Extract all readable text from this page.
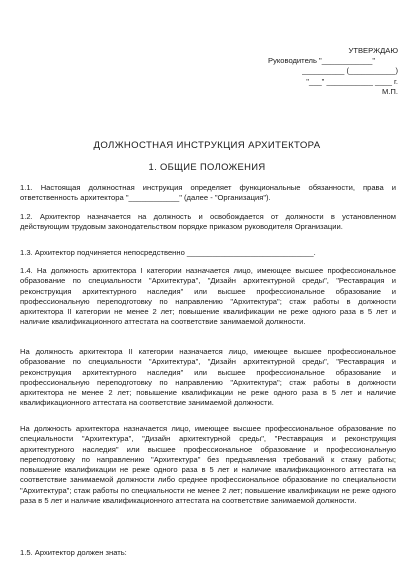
УТВЕРЖДАЮ
Руководитель "____________"
__________ (___________)
"___" ___________ ____ г.
М.П.
ДОЛЖНОСТНАЯ ИНСТРУКЦИЯ АРХИТЕКТОРА
1. ОБЩИЕ ПОЛОЖЕНИЯ

1.1. Настоящая должностная инструкция определяет функциональные обязанности, права и ответственность архитектора "____________" (далее - "Организация").

1.2. Архитектор назначается на должность и освобождается от должности в установленном действующим трудовым законодательством порядке приказом руководителя Организации.

1.3. Архитектор подчиняется непосредственно ______________________________.

1.4. На должность архитектора I категории назначается лицо, имеющее высшее профессиональное образование по специальности "Архитектура", "Дизайн архитектурной среды", "Реставрация и реконструкция архитектурного наследия" или высшее профессиональное образование и профессиональную переподготовку по направлению "Архитектура"; стаж работы в должности архитектора II категории не менее 2 лет; повышение квалификации не реже одного раза в 5 лет и наличие квалификационного аттестата на соответствие занимаемой должности.

На должность архитектора II категории назначается лицо, имеющее высшее профессиональное образование по специальности "Архитектура", "Дизайн архитектурной среды", "Реставрация и реконструкция архитектурного наследия" или высшее профессиональное образование и профессиональную переподготовку по направлению "Архитектура"; стаж работы в должности архитектора не менее 2 лет; повышение квалификации не реже одного раза в 5 лет и наличие квалификационного аттестата на соответствие занимаемой должности.

На должность архитектора назначается лицо, имеющее высшее профессиональное образование по специальности "Архитектура", "Дизайн архитектурной среды", "Реставрация и реконструкция архитектурного наследия" или высшее профессиональное образование и профессиональную переподготовку по направлению "Архитектура" без предъявления требований к стажу работы; повышение квалификации не реже одного раза в 5 лет и наличие квалификационного аттестата на соответствие занимаемой должности либо среднее профессиональное образование по специальности "Архитектура"; стаж работы по специальности не менее 2 лет; повышение квалификации не реже одного раза в 5 лет и наличие квалификационного аттестата на соответствие занимаемой должности.

1.5. Архитектор должен знать:
